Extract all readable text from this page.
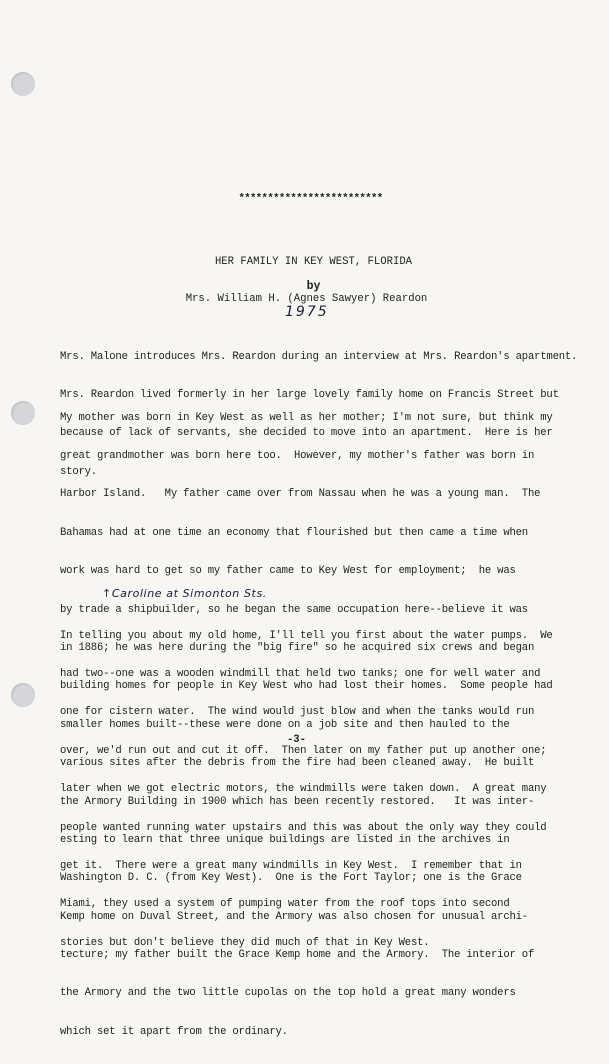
*************************
HER FAMILY IN KEY WEST, FLORIDA
by
Mrs. William H. (Agnes Sawyer) Reardon
1975

Mrs. Malone introduces Mrs. Reardon during an interview at Mrs. Reardon's apartment.

Mrs. Reardon lived formerly in her large lovely family home on Francis Street but

because of lack of servants, she decided to move into an apartment.  Here is her

story.

My mother was born in Key West as well as her mother; I'm not sure, but think my

great grandmother was born here too.  However, my mother's father was born in

Harbor Island.   My father came over from Nassau when he was a young man.  The

Bahamas had at one time an economy that flourished but then came a time when

work was hard to get so my father came to Key West for employment;  he was

by trade a shipbuilder, so he began the same occupation here--believe it was

in 1886; he was here during the "big fire" so he acquired six crews and began

building homes for people in Key West who had lost their homes.  Some people had

smaller homes built--these were done on a job site and then hauled to the

various sites after the debris from the fire had been cleaned away.  He built

the Armory Building in 1900 which has been recently restored.   It was inter-

esting to learn that three unique buildings are listed in the archives in

Washington D. C. (from Key West).  One is the Fort Taylor; one is the Grace

Kemp home on Duval Street, and the Armory was also chosen for unusual archi-

tecture; my father built the Grace Kemp home and the Armory.  The interior of

the Armory and the two little cupolas on the top hold a great many wonders

which set it apart from the ordinary.

↑Caroline at Simonton Sts.

In telling you about my old home, I'll tell you first about the water pumps.  We

had two--one was a wooden windmill that held two tanks; one for well water and

one for cistern water.  The wind would just blow and when the tanks would run

over, we'd run out and cut it off.  Then later on my father put up another one;

later when we got electric motors, the windmills were taken down.  A great many

people wanted running water upstairs and this was about the only way they could

get it.  There were a great many windmills in Key West.  I remember that in

Miami, they used a system of pumping water from the roof tops into second

stories but don't believe they did much of that in Key West.

-3-
